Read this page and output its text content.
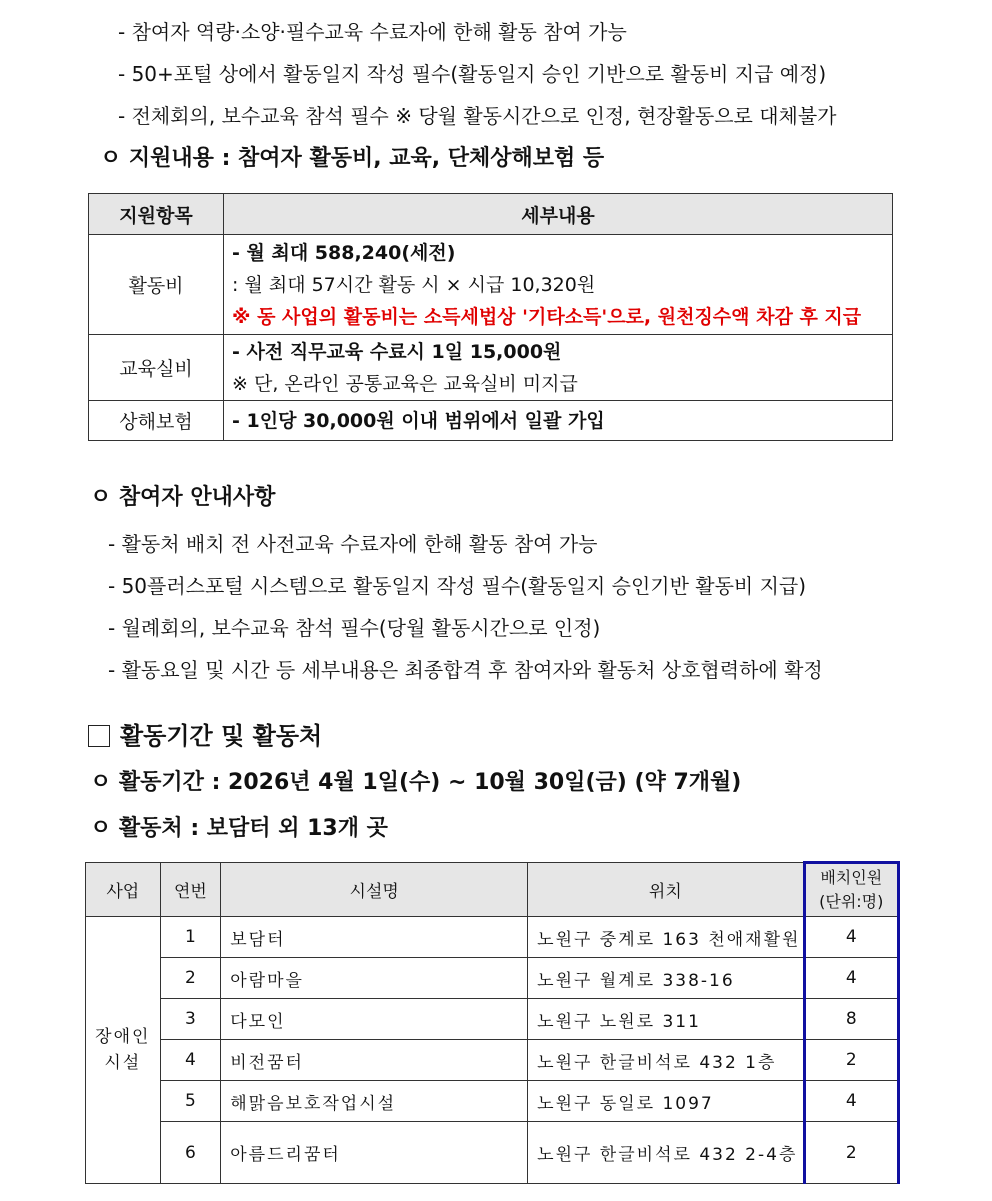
- 참여자 역량·소양·필수교육 수료자에 한해 활동 참여 가능
- 50+포털 상에서 활동일지 작성 필수(활동일지 승인 기반으로 활동비 지급 예정)
- 전체회의, 보수교육 참석 필수 ※ 당월 활동시간으로 인정, 현장활동으로 대체불가
ㅇ 지원내용 : 참여자 활동비, 교육, 단체상해보험 등
지원항목	세부내용
활동비	- 월 최대 588,240(세전)
: 월 최대 57시간 활동 시 × 시급 10,320원
※ 동 사업의 활동비는 소득세법상 '기타소득'으로, 원천징수액 차감 후 지급

교육실비	- 사전 직무교육 수료시 1일 15,000원
※ 단, 온라인 공통교육은 교육실비 미지급

상해보험	- 1인당 30,000원 이내 범위에서 일괄 가입
ㅇ 참여자 안내사항
- 활동처 배치 전 사전교육 수료자에 한해 활동 참여 가능
- 50플러스포털 시스템으로 활동일지 작성 필수(활동일지 승인기반 활동비 지급)
- 월례회의, 보수교육 참석 필수(당월 활동시간으로 인정)
- 활동요일 및 시간 등 세부내용은 최종합격 후 참여자와 활동처 상호협력하에 확정
활동기간 및 활동처
ㅇ 활동기간 : 2026년 4월 1일(수) ~ 10월 30일(금) (약 7개월)
ㅇ 활동처 : 보담터 외 13개 곳
사업	연번	시설명	위치	배치인원
(단위:명)
장애인
시설	1	보담터	노원구 중계로 163 천애재활원	4
	2	아람마을	노원구 월계로 338-16	4
	3	다모인	노원구 노원로 311	8
	4	비전꿈터	노원구 한글비석로 432 1층	2
	5	해맑음보호작업시설	노원구 동일로 1097	4
	6	아름드리꿈터	노원구 한글비석로 432 2-4층	2
